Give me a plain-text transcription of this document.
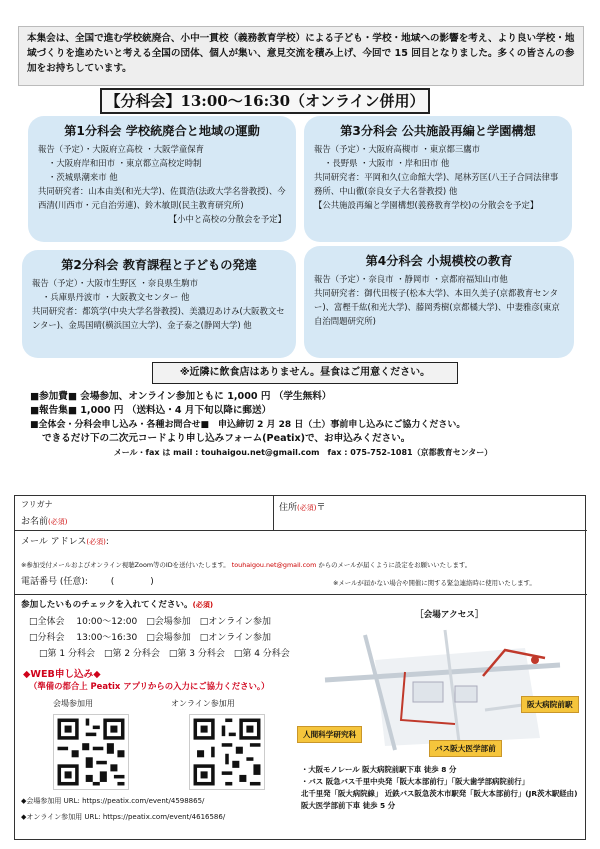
本集会は、全国で進む学校統廃合、小中一貫校（義務教育学校）による子ども・学校・地域への影響を考え、より良い学校・地域づくりを進めたいと考える全国の団体、個人が集い、意見交流を積み上げ、今回で 15 回目となりました。多くの皆さんの参加をお持ちしています。
【分科会】13:00～16:30（オンライン併用）
第1分科会 学校統廃合と地域の運動

報告（予定）・大阪府立高校 ・大阪学童保育

・大阪府岸和田市 ・東京都立高校定時制

・茨城県潮来市 他

共同研究者：山本由美(和光大学)、佐貫浩(法政大学名誉教授)、今西清(川西市・元自治労連)、鈴木敏則(民主教育研究所)

【小中と高校の分散会を予定】

第2分科会 教育課程と子どもの発達

報告（予定）・大阪市生野区 ・奈良県生駒市

・兵庫県丹波市 ・大阪教文センター 他

共同研究者：都筑学(中央大学名誉教授)、美濃辺あけみ(大阪教文センター)、金馬国晴(横浜国立大学)、金子泰之(静岡大学) 他

第3分科会 公共施設再編と学園構想

報告（予定）・大阪府高槻市 ・東京都三鷹市

・長野県 ・大阪市 ・岸和田市 他

共同研究者：平岡和久(立命館大学)、尾林芳匡(八王子合同法律事務所、中山徹(奈良女子大名誉教授) 他

【公共施設再編と学園構想(義務教育学校)の分散会を予定】

第4分科会 小規模校の教育

報告（予定）・奈良市 ・静岡市 ・京都府福知山市他

共同研究者：御代田桜子(松本大学)、本田久美子(京都教育センター)、富樫千紘(和光大学)、藤岡秀樹(京都橘大学)、中妻雅彦(東京自治問題研究所)

※近隣に飲食店はありません。昼食はご用意ください。

■参加費■ 会場参加、オンライン参加ともに 1,000 円 （学生無料）

■報告集■ 1,000 円 （送料込・4 月下旬以降に郵送）

■全体会・分科会申し込み・各種お問合せ■　申込締切 2 月 28 日（土）事前申し込みにご協力ください。

できるだけ下の二次元コードより申し込みフォーム(Peatix)で、お申込みください。

メール・fax は mail : touhaigou.net@gmail.com　fax : 075-752-1081（京都教育センター）

フリガナ
お名前(必須)
住所(必須)〒
メール アドレス(必須):
※参加受付メールおよびオンライン視聴Zoom等のIDを送付いたします。 touhaigou.net@gmail.com からのメールが届くように設定をお願いいたします。
電話番号 (任意):	(　　　　)	※メールが届かない場合や開催に関する緊急連絡時に使用いたします。
参加したいものチェックを入れてください。(必須)
□全体会　 10:00～12:00　□会場参加　□オンライン参加
□分科会　 13:00～16:30　□会場参加　□オンライン参加
□第 1 分科会　□第 2 分科会　□第 3 分科会　□第 4 分科会
◆WEB申し込み◆
（準備の都合上 Peatix アプリからの入力にご協力ください。）
会場参加用	オンライン参加用
◆会場参加用 URL: https://peatix.com/event/4598865/
◆オンライン参加用 URL: https://peatix.com/event/4616586/
［会場アクセス］
人間科学研究科
阪大病院前駅
バス阪大医学部前

・大阪モノレール 阪大病院前駅下車 徒歩 8 分

・バス 阪急バス千里中央発「阪大本部前行」「阪大歯学部病院前行」

北千里発「阪大病院線」 近鉄バス阪急茨木市駅発「阪大本部前行」(JR茨木駅経由) 阪大医学部前下車 徒歩 5 分
